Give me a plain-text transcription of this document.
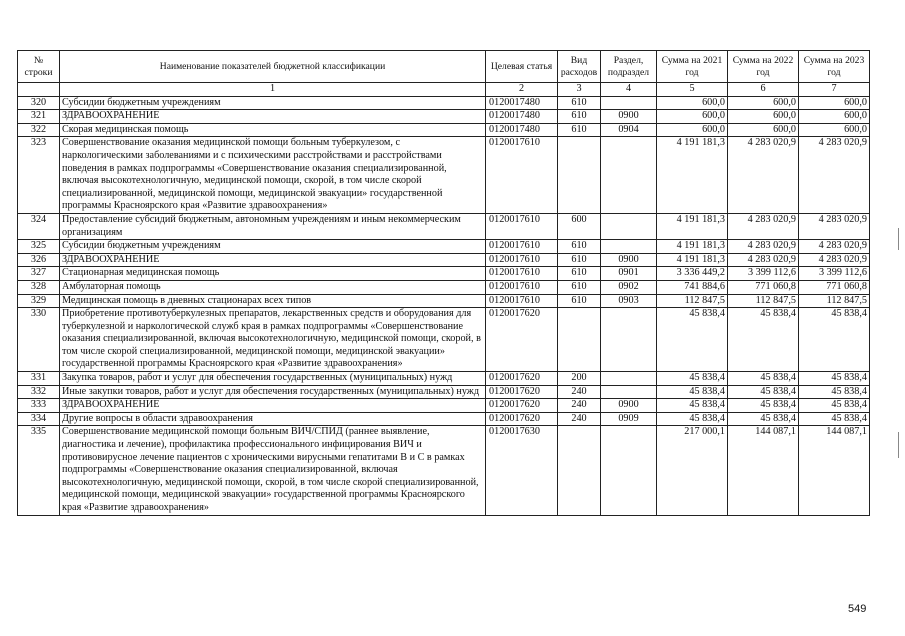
№ строки	Наименование показателей бюджетной классификации	Целевая статья	Вид расходов	Раздел, подраздел	Сумма на 2021 год	Сумма на 2022 год	Сумма на 2023 год
	1	2	3	4	5	6	7
320	Субсидии бюджетным учреждениям	0120017480	610		600,0	600,0	600,0
321	ЗДРАВООХРАНЕНИЕ	0120017480	610	0900	600,0	600,0	600,0
322	Скорая медицинская помощь	0120017480	610	0904	600,0	600,0	600,0
323	Совершенствование оказания медицинской помощи больным туберкулезом, с наркологическими заболеваниями и с психическими расстройствами и расстройствами поведения в рамках подпрограммы «Совершенствование оказания специализированной, включая высокотехнологичную, медицинской помощи, скорой, в том числе скорой специализированной, медицинской помощи, медицинской эвакуации» государственной программы Красноярского края «Развитие здравоохранения»	0120017610			4 191 181,3	4 283 020,9	4 283 020,9
324	Предоставление субсидий бюджетным, автономным учреждениям и иным некоммерческим организациям	0120017610	600		4 191 181,3	4 283 020,9	4 283 020,9
325	Субсидии бюджетным учреждениям	0120017610	610		4 191 181,3	4 283 020,9	4 283 020,9
326	ЗДРАВООХРАНЕНИЕ	0120017610	610	0900	4 191 181,3	4 283 020,9	4 283 020,9
327	Стационарная медицинская помощь	0120017610	610	0901	3 336 449,2	3 399 112,6	3 399 112,6
328	Амбулаторная помощь	0120017610	610	0902	741 884,6	771 060,8	771 060,8
329	Медицинская помощь в дневных стационарах всех типов	0120017610	610	0903	112 847,5	112 847,5	112 847,5
330	Приобретение противотуберкулезных препаратов, лекарственных средств и оборудования для туберкулезной и наркологической служб края в рамках подпрограммы «Совершенствование оказания специализированной, включая высокотехнологичную, медицинской помощи, скорой, в том числе скорой специализированной, медицинской помощи, медицинской эвакуации» государственной программы Красноярского края «Развитие здравоохранения»	0120017620			45 838,4	45 838,4	45 838,4
331	Закупка товаров, работ и услуг для обеспечения государственных (муниципальных) нужд	0120017620	200		45 838,4	45 838,4	45 838,4
332	Иные закупки товаров, работ и услуг для обеспечения государственных (муниципальных) нужд	0120017620	240		45 838,4	45 838,4	45 838,4
333	ЗДРАВООХРАНЕНИЕ	0120017620	240	0900	45 838,4	45 838,4	45 838,4
334	Другие вопросы в области здравоохранения	0120017620	240	0909	45 838,4	45 838,4	45 838,4
335	Совершенствование медицинской помощи больным ВИЧ/СПИД (раннее выявление, диагностика и лечение), профилактика профессионального инфицирования ВИЧ и противовирусное лечение пациентов с хроническими вирусными гепатитами В и С в рамках подпрограммы «Совершенствование оказания специализированной, включая высокотехнологичную, медицинской помощи, скорой, в том числе скорой специализированной, медицинской помощи, медицинской эвакуации» государственной программы Красноярского края «Развитие здравоохранения»	0120017630			217 000,1	144 087,1	144 087,1
549
